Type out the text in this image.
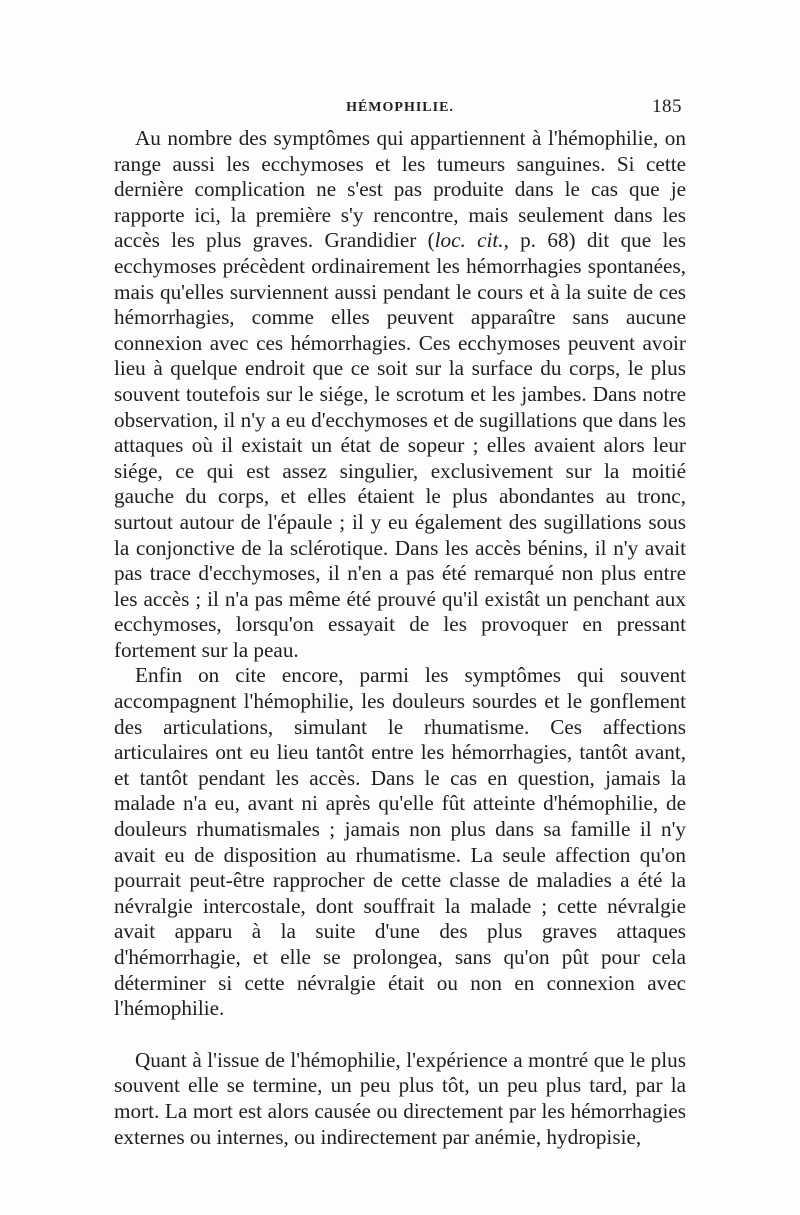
HÉMOPHILIE.	185

Au nombre des symptômes qui appartiennent à l'hémophilie, on range aussi les ecchymoses et les tumeurs sanguines. Si cette dernière complication ne s'est pas produite dans le cas que je rapporte ici, la première s'y rencontre, mais seulement dans les accès les plus graves. Grandidier (loc. cit., p. 68) dit que les ecchymoses précèdent ordinairement les hémorrhagies spontanées, mais qu'elles surviennent aussi pendant le cours et à la suite de ces hémorrhagies, comme elles peuvent apparaître sans aucune connexion avec ces hémorrhagies. Ces ecchymoses peuvent avoir lieu à quelque endroit que ce soit sur la surface du corps, le plus souvent toutefois sur le siége, le scrotum et les jambes. Dans notre observation, il n'y a eu d'ecchymoses et de sugillations que dans les attaques où il existait un état de sopeur ; elles avaient alors leur siége, ce qui est assez singulier, exclusivement sur la moitié gauche du corps, et elles étaient le plus abondantes au tronc, surtout autour de l'épaule ; il y eu également des sugillations sous la conjonctive de la sclérotique. Dans les accès bénins, il n'y avait pas trace d'ecchymoses, il n'en a pas été remarqué non plus entre les accès ; il n'a pas même été prouvé qu'il existât un penchant aux ecchymoses, lorsqu'on essayait de les provoquer en pressant fortement sur la peau.

Enfin on cite encore, parmi les symptômes qui souvent accompagnent l'hémophilie, les douleurs sourdes et le gonflement des articulations, simulant le rhumatisme. Ces affections articulaires ont eu lieu tantôt entre les hémorrhagies, tantôt avant, et tantôt pendant les accès. Dans le cas en question, jamais la malade n'a eu, avant ni après qu'elle fût atteinte d'hémophilie, de douleurs rhumatismales ; jamais non plus dans sa famille il n'y avait eu de disposition au rhumatisme. La seule affection qu'on pourrait peut-être rapprocher de cette classe de maladies a été la névralgie intercostale, dont souffrait la malade ; cette névralgie avait apparu à la suite d'une des plus graves attaques d'hémorrhagie, et elle se prolongea, sans qu'on pût pour cela déterminer si cette névralgie était ou non en connexion avec l'hémophilie.

Quant à l'issue de l'hémophilie, l'expérience a montré que le plus souvent elle se termine, un peu plus tôt, un peu plus tard, par la mort. La mort est alors causée ou directement par les hémorrhagies externes ou internes, ou indirectement par anémie, hydropisie,
